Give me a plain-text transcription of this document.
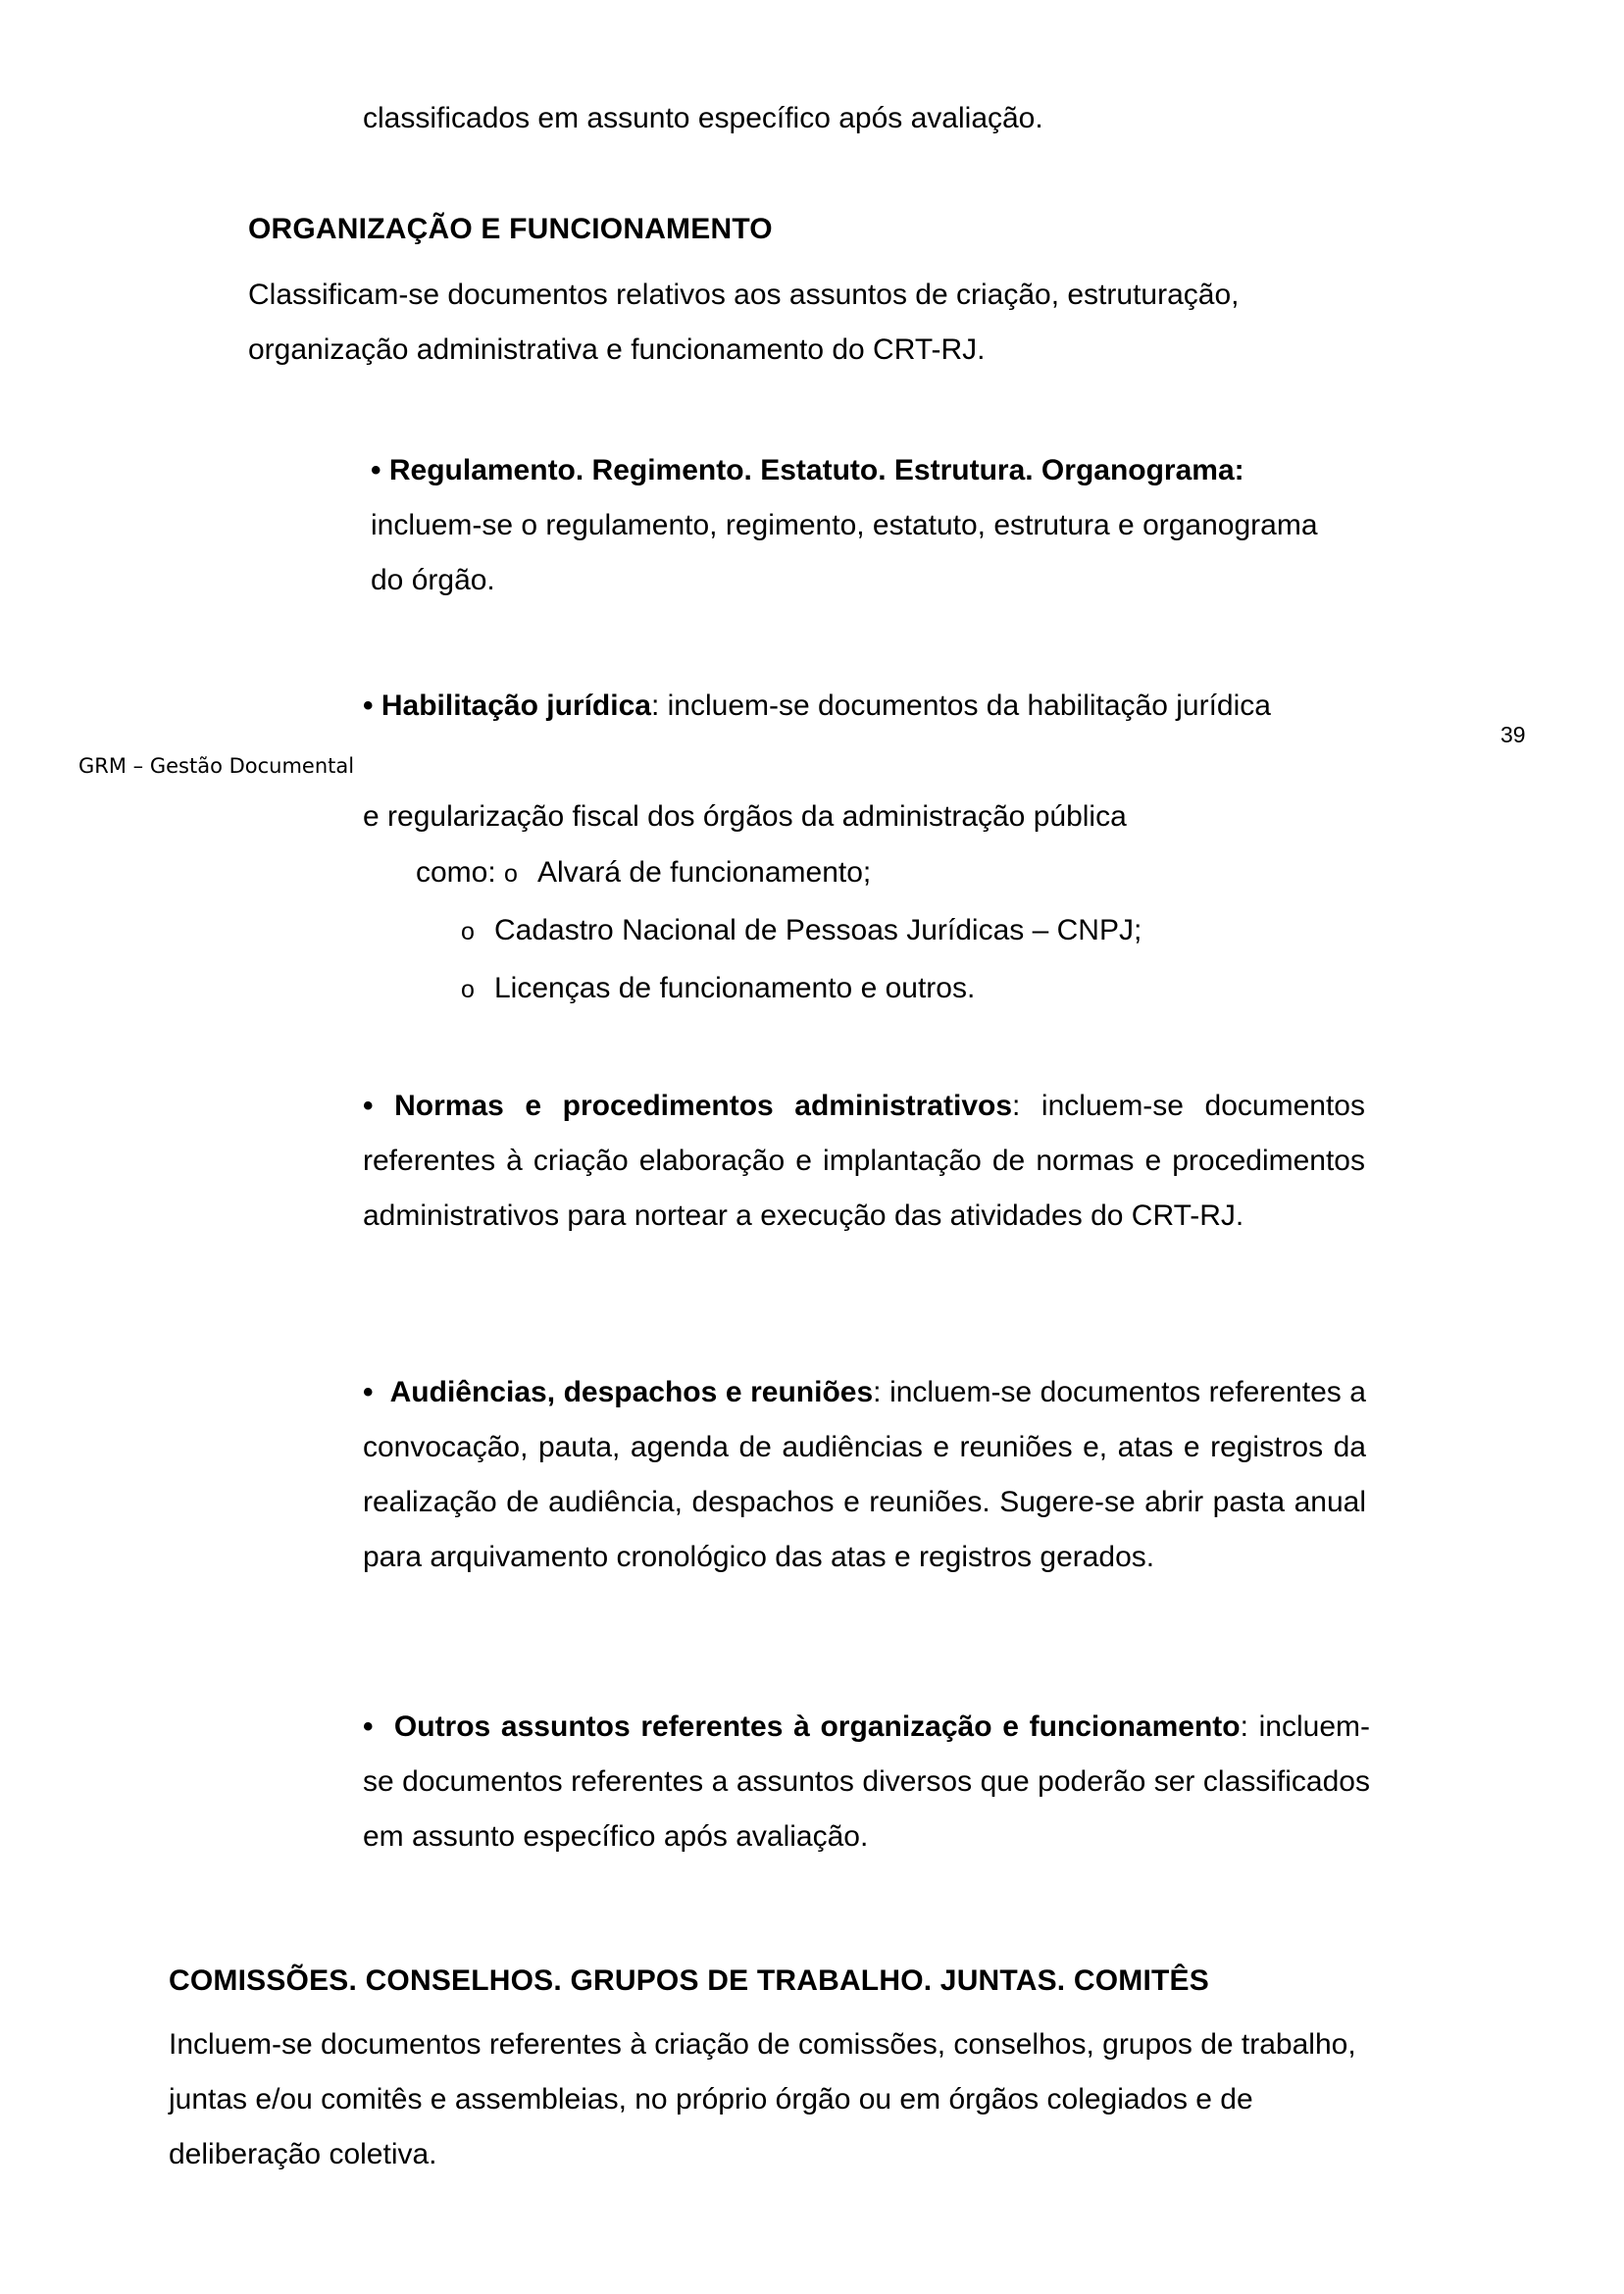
classificados em assunto específico após avaliação.
ORGANIZAÇÃO E FUNCIONAMENTO
Classificam-se documentos relativos aos assuntos de criação, estruturação, organização administrativa e funcionamento do CRT-RJ.
• Regulamento. Regimento. Estatuto. Estrutura. Organograma: incluem-se o regulamento, regimento, estatuto, estrutura e organograma do órgão.
• Habilitação jurídica: incluem-se documentos da habilitação jurídica
e regularização fiscal dos órgãos da administração pública
como: o Alvará de funcionamento;
o Cadastro Nacional de Pessoas Jurídicas – CNPJ;
o Licenças de funcionamento e outros.
• Normas e procedimentos administrativos: incluem-se documentos referentes à criação elaboração e implantação de normas e procedimentos administrativos para nortear a execução das atividades do CRT-RJ.
• Audiências, despachos e reuniões: incluem-se documentos referentes a convocação, pauta, agenda de audiências e reuniões e, atas e registros da realização de audiência, despachos e reuniões. Sugere-se abrir pasta anual para arquivamento cronológico das atas e registros gerados.
• Outros assuntos referentes à organização e funcionamento: incluem-se documentos referentes a assuntos diversos que poderão ser classificados em assunto específico após avaliação.
COMISSÕES. CONSELHOS. GRUPOS DE TRABALHO. JUNTAS. COMITÊS
Incluem-se documentos referentes à criação de comissões, conselhos, grupos de trabalho, juntas e/ou comitês e assembleias, no próprio órgão ou em órgãos colegiados e de deliberação coletiva.
GRM – Gestão Documental
39
